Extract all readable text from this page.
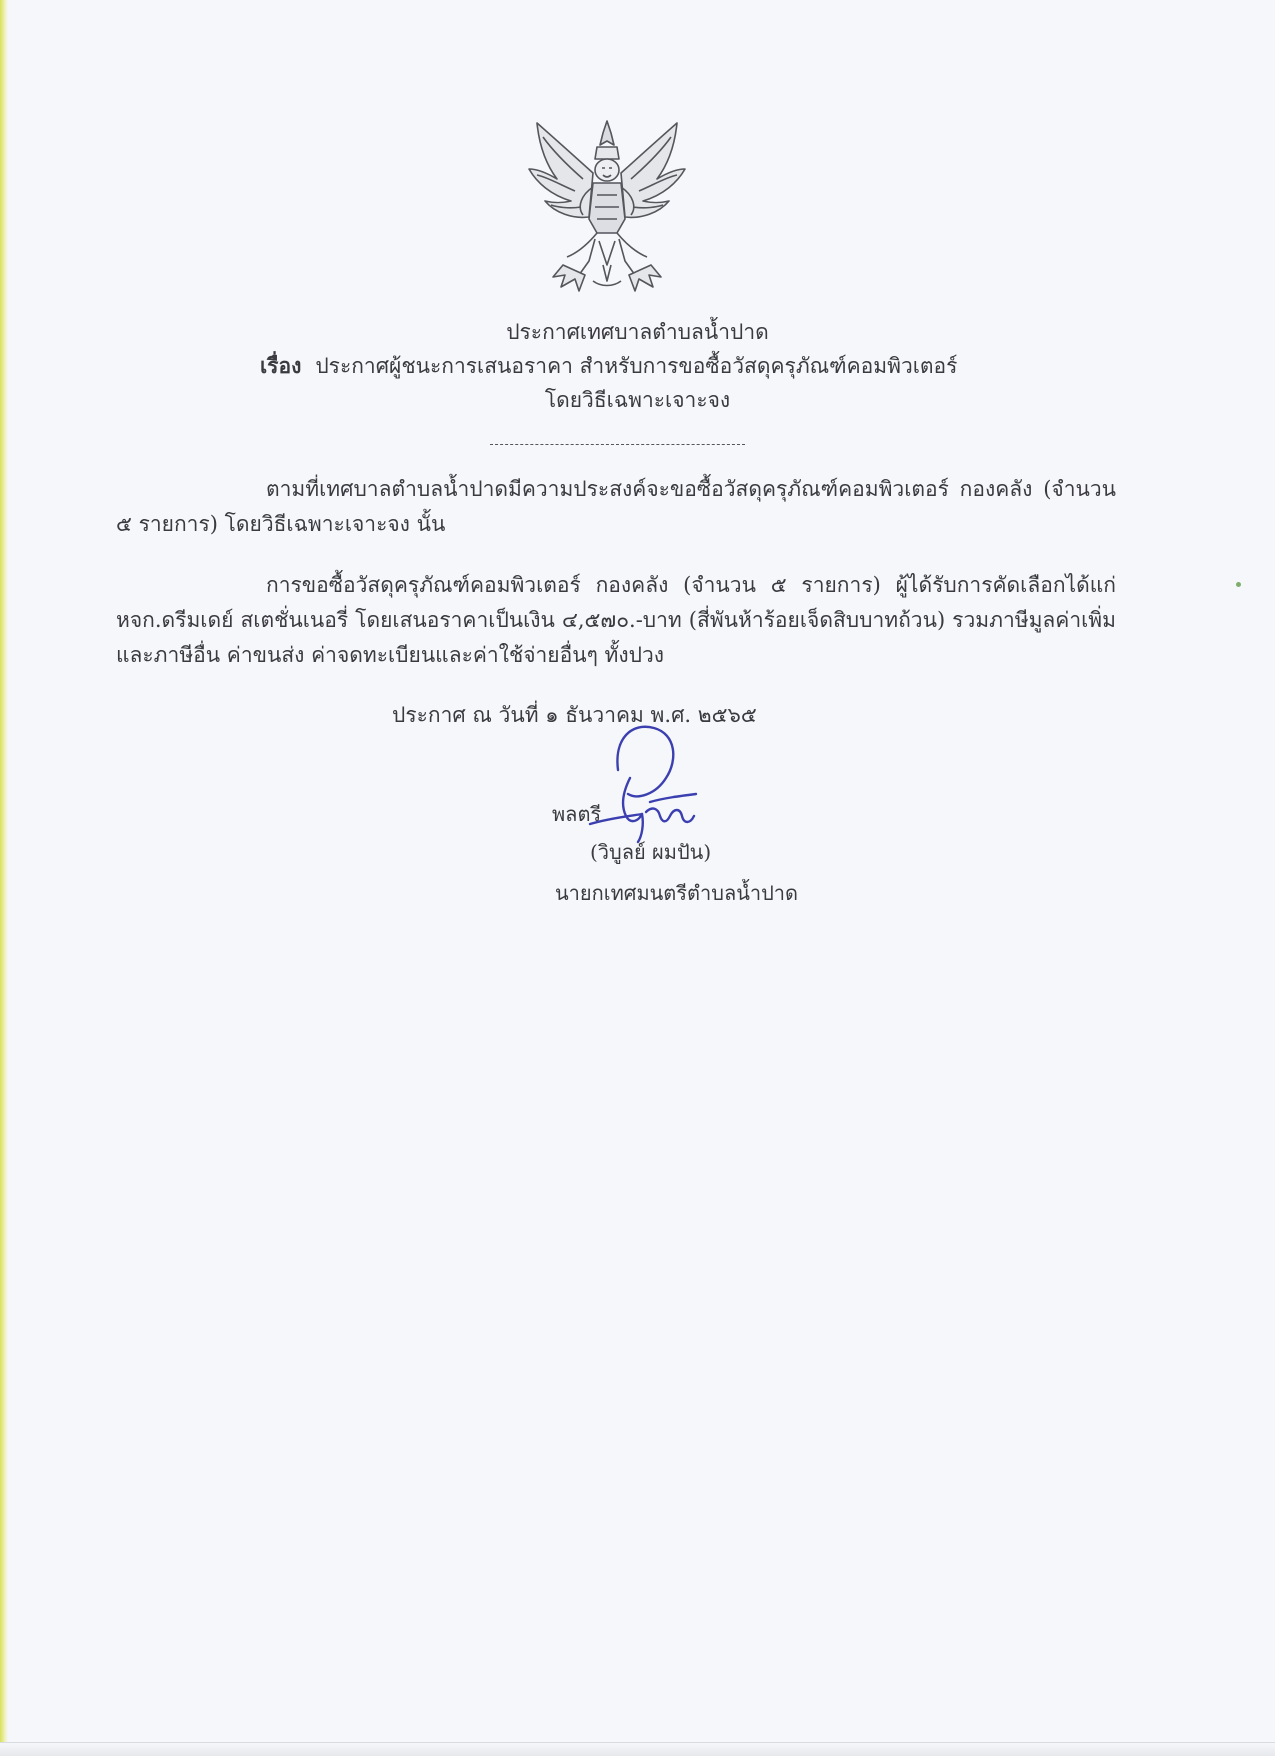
ประกาศเทศบาลตำบลน้ำปาด
เรื่อง ประกาศผู้ชนะการเสนอราคา สำหรับการขอซื้อวัสดุครุภัณฑ์คอมพิวเตอร์
โดยวิธีเฉพาะเจาะจง
ตามที่เทศบาลตำบลน้ำปาดมีความประสงค์จะขอซื้อวัสดุครุภัณฑ์คอมพิวเตอร์ กองคลัง (จำนวน ๕ รายการ) โดยวิธีเฉพาะเจาะจง นั้น
การขอซื้อวัสดุครุภัณฑ์คอมพิวเตอร์ กองคลัง (จำนวน ๕ รายการ) ผู้ได้รับการคัดเลือกได้แก่ หจก.ดรีมเดย์ สเตชั่นเนอรี่ โดยเสนอราคาเป็นเงิน ๔,๕๗๐.-บาท (สี่พันห้าร้อยเจ็ดสิบบาทถ้วน) รวมภาษีมูลค่าเพิ่มและภาษีอื่น ค่าขนส่ง ค่าจดทะเบียนและค่าใช้จ่ายอื่นๆ ทั้งปวง
ประกาศ ณ วันที่ ๑ ธันวาคม พ.ศ. ๒๕๖๕
พลตรี
(วิบูลย์ ผมปัน)
นายกเทศมนตรีตำบลน้ำปาด
